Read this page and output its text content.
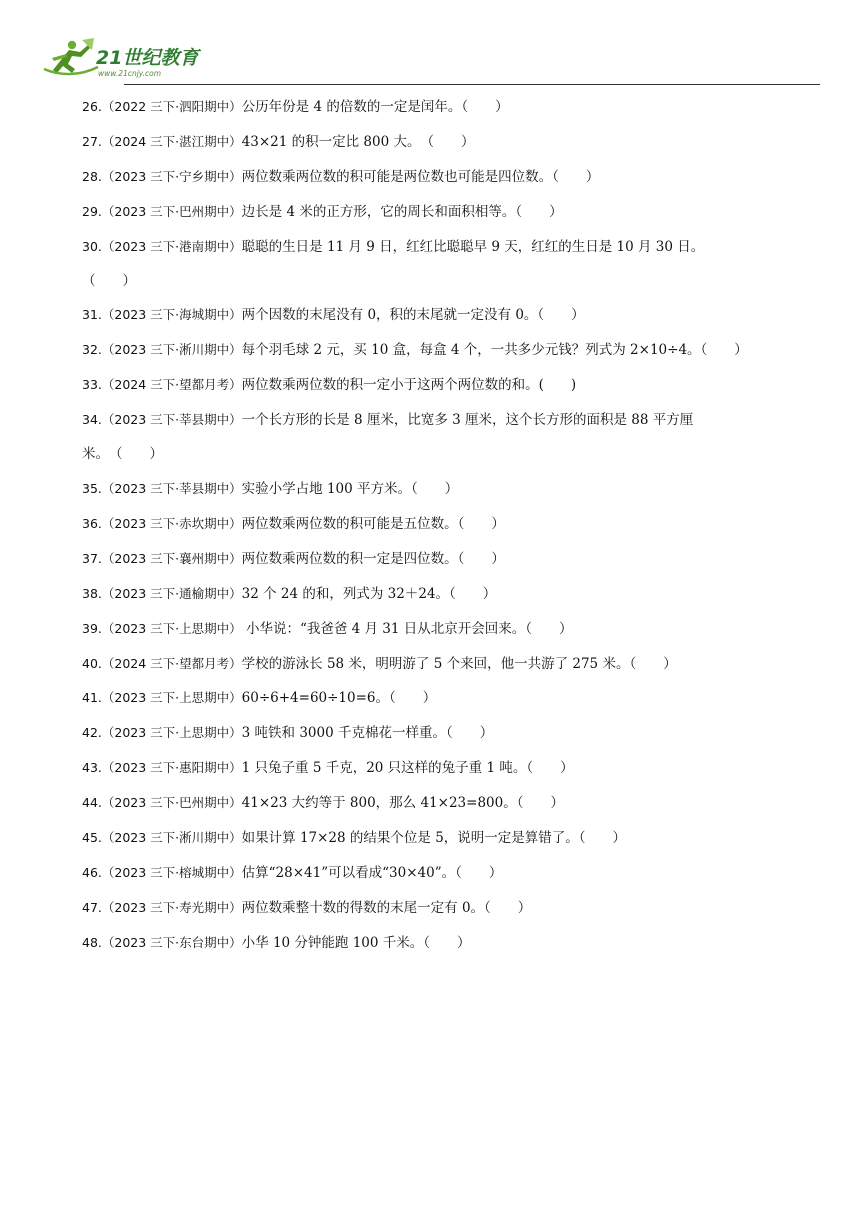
21世纪教育
www.21cnjy.com
26.（2022 三下·泗阳期中）公历年份是 4 的倍数的一定是闰年。（　　）
27.（2024 三下·湛江期中）43×21 的积一定比 800 大。　（　　）
28.（2023 三下·宁乡期中）两位数乘两位数的积可能是两位数也可能是四位数。（　　）
29.（2023 三下·巴州期中）边长是 4 米的正方形，它的周长和面积相等。（　　）
30.（2023 三下·港南期中）聪聪的生日是 11 月 9 日，红红比聪聪早 9 天，红红的生日是 10 月 30 日。
（　　）
31.（2023 三下·海城期中）两个因数的末尾没有 0，积的末尾就一定没有 0。（　　）
32.（2023 三下·淅川期中）每个羽毛球 2 元，买 10 盒，每盒 4 个，一共多少元钱？列式为 2×10÷4。（　　）
33.（2024 三下·望都月考）两位数乘两位数的积一定小于这两个两位数的和。(　　)
34.（2023 三下·莘县期中）一个长方形的长是 8 厘米，比宽多 3 厘米，这个长方形的面积是 88 平方厘
米。　（　　）
35.（2023 三下·莘县期中）实验小学占地 100 平方米。（　　）
36.（2023 三下·赤坎期中）两位数乘两位数的积可能是五位数。（　　）
37.（2023 三下·襄州期中）两位数乘两位数的积一定是四位数。（　　）
38.（2023 三下·通榆期中）32 个 24 的和，列式为 32＋24。（　　）
39.（2023 三下·上思期中） 小华说：“我爸爸 4 月 31 日从北京开会回来。（　　）
40.（2024 三下·望都月考）学校的游泳长 58 米，明明游了 5 个来回，他一共游了 275 米。（　　）
41.（2023 三下·上思期中）60÷6+4=60÷10=6。（　　）
42.（2023 三下·上思期中）3 吨铁和 3000 千克棉花一样重。（　　）
43.（2023 三下·惠阳期中）1 只兔子重 5 千克，20 只这样的兔子重 1 吨。（　　）
44.（2023 三下·巴州期中）41×23 大约等于 800，那么 41×23=800。（　　）
45.（2023 三下·淅川期中）如果计算 17×28 的结果个位是 5，说明一定是算错了。（　　）
46.（2023 三下·榕城期中）估算“28×41”可以看成“30×40”。（　　）
47.（2023 三下·寿光期中）两位数乘整十数的得数的末尾一定有 0。（　　）
48.（2023 三下·东台期中）小华 10 分钟能跑 100 千米。（　　）
